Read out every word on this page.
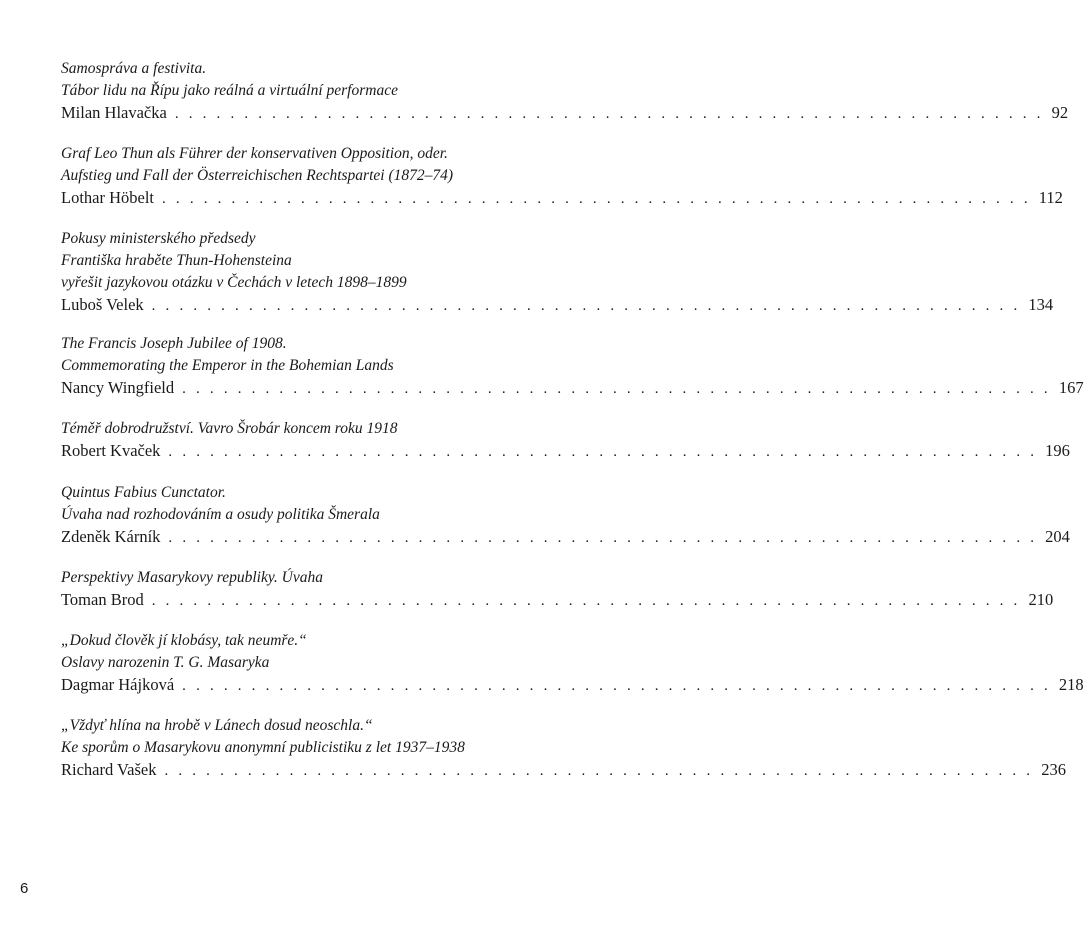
Samospráva a festivita.
Tábor lidu na Řípu jako reálná a virtuální performace
Milan Hlavačka . . . . . . . . . . . . . . . . . . . . . . . . . . . . . . . . . . . . . . . . . . . . . . . . . . . . . . . . . . . . . . . 92
Graf Leo Thun als Führer der konservativen Opposition, oder.
Aufstieg und Fall der Österreichischen Rechtspartei (1872–74)
Lothar Höbelt . . . . . . . . . . . . . . . . . . . . . . . . . . . . . . . . . . . . . . . . . . . . . . . . . . . . . . . . . . . . . . . 112
Pokusy ministerského předsedy
Františka hraběte Thun-Hohensteina
vyřešit jazykovou otázku v Čechách v letech 1898–1899
Luboš Velek . . . . . . . . . . . . . . . . . . . . . . . . . . . . . . . . . . . . . . . . . . . . . . . . . . . . . . . . . . . . . . . 134
The Francis Joseph Jubilee of 1908.
Commemorating the Emperor in the Bohemian Lands
Nancy Wingfield . . . . . . . . . . . . . . . . . . . . . . . . . . . . . . . . . . . . . . . . . . . . . . . . . . . . . . . . . . . . . . . 167
Téměř dobrodružství. Vavro Šrobár koncem roku 1918
Robert Kvaček . . . . . . . . . . . . . . . . . . . . . . . . . . . . . . . . . . . . . . . . . . . . . . . . . . . . . . . . . . . . . . . 196
Quintus Fabius Cunctator.
Úvaha nad rozhodováním a osudy politika Šmerala
Zdeněk Kárník . . . . . . . . . . . . . . . . . . . . . . . . . . . . . . . . . . . . . . . . . . . . . . . . . . . . . . . . . . . . . . . 204
Perspektivy Masarykovy republiky. Úvaha
Toman Brod . . . . . . . . . . . . . . . . . . . . . . . . . . . . . . . . . . . . . . . . . . . . . . . . . . . . . . . . . . . . . . . 210
„Dokud člověk jí klobásy, tak neumře.“
Oslavy narozenin T. G. Masaryka
Dagmar Hájková . . . . . . . . . . . . . . . . . . . . . . . . . . . . . . . . . . . . . . . . . . . . . . . . . . . . . . . . . . . . . . . 218
„Vždyť hlína na hrobě v Lánech dosud neoschla.“
Ke sporům o Masarykovu anonymní publicistiku z let 1937–1938
Richard Vašek . . . . . . . . . . . . . . . . . . . . . . . . . . . . . . . . . . . . . . . . . . . . . . . . . . . . . . . . . . . . . . . 236
6
